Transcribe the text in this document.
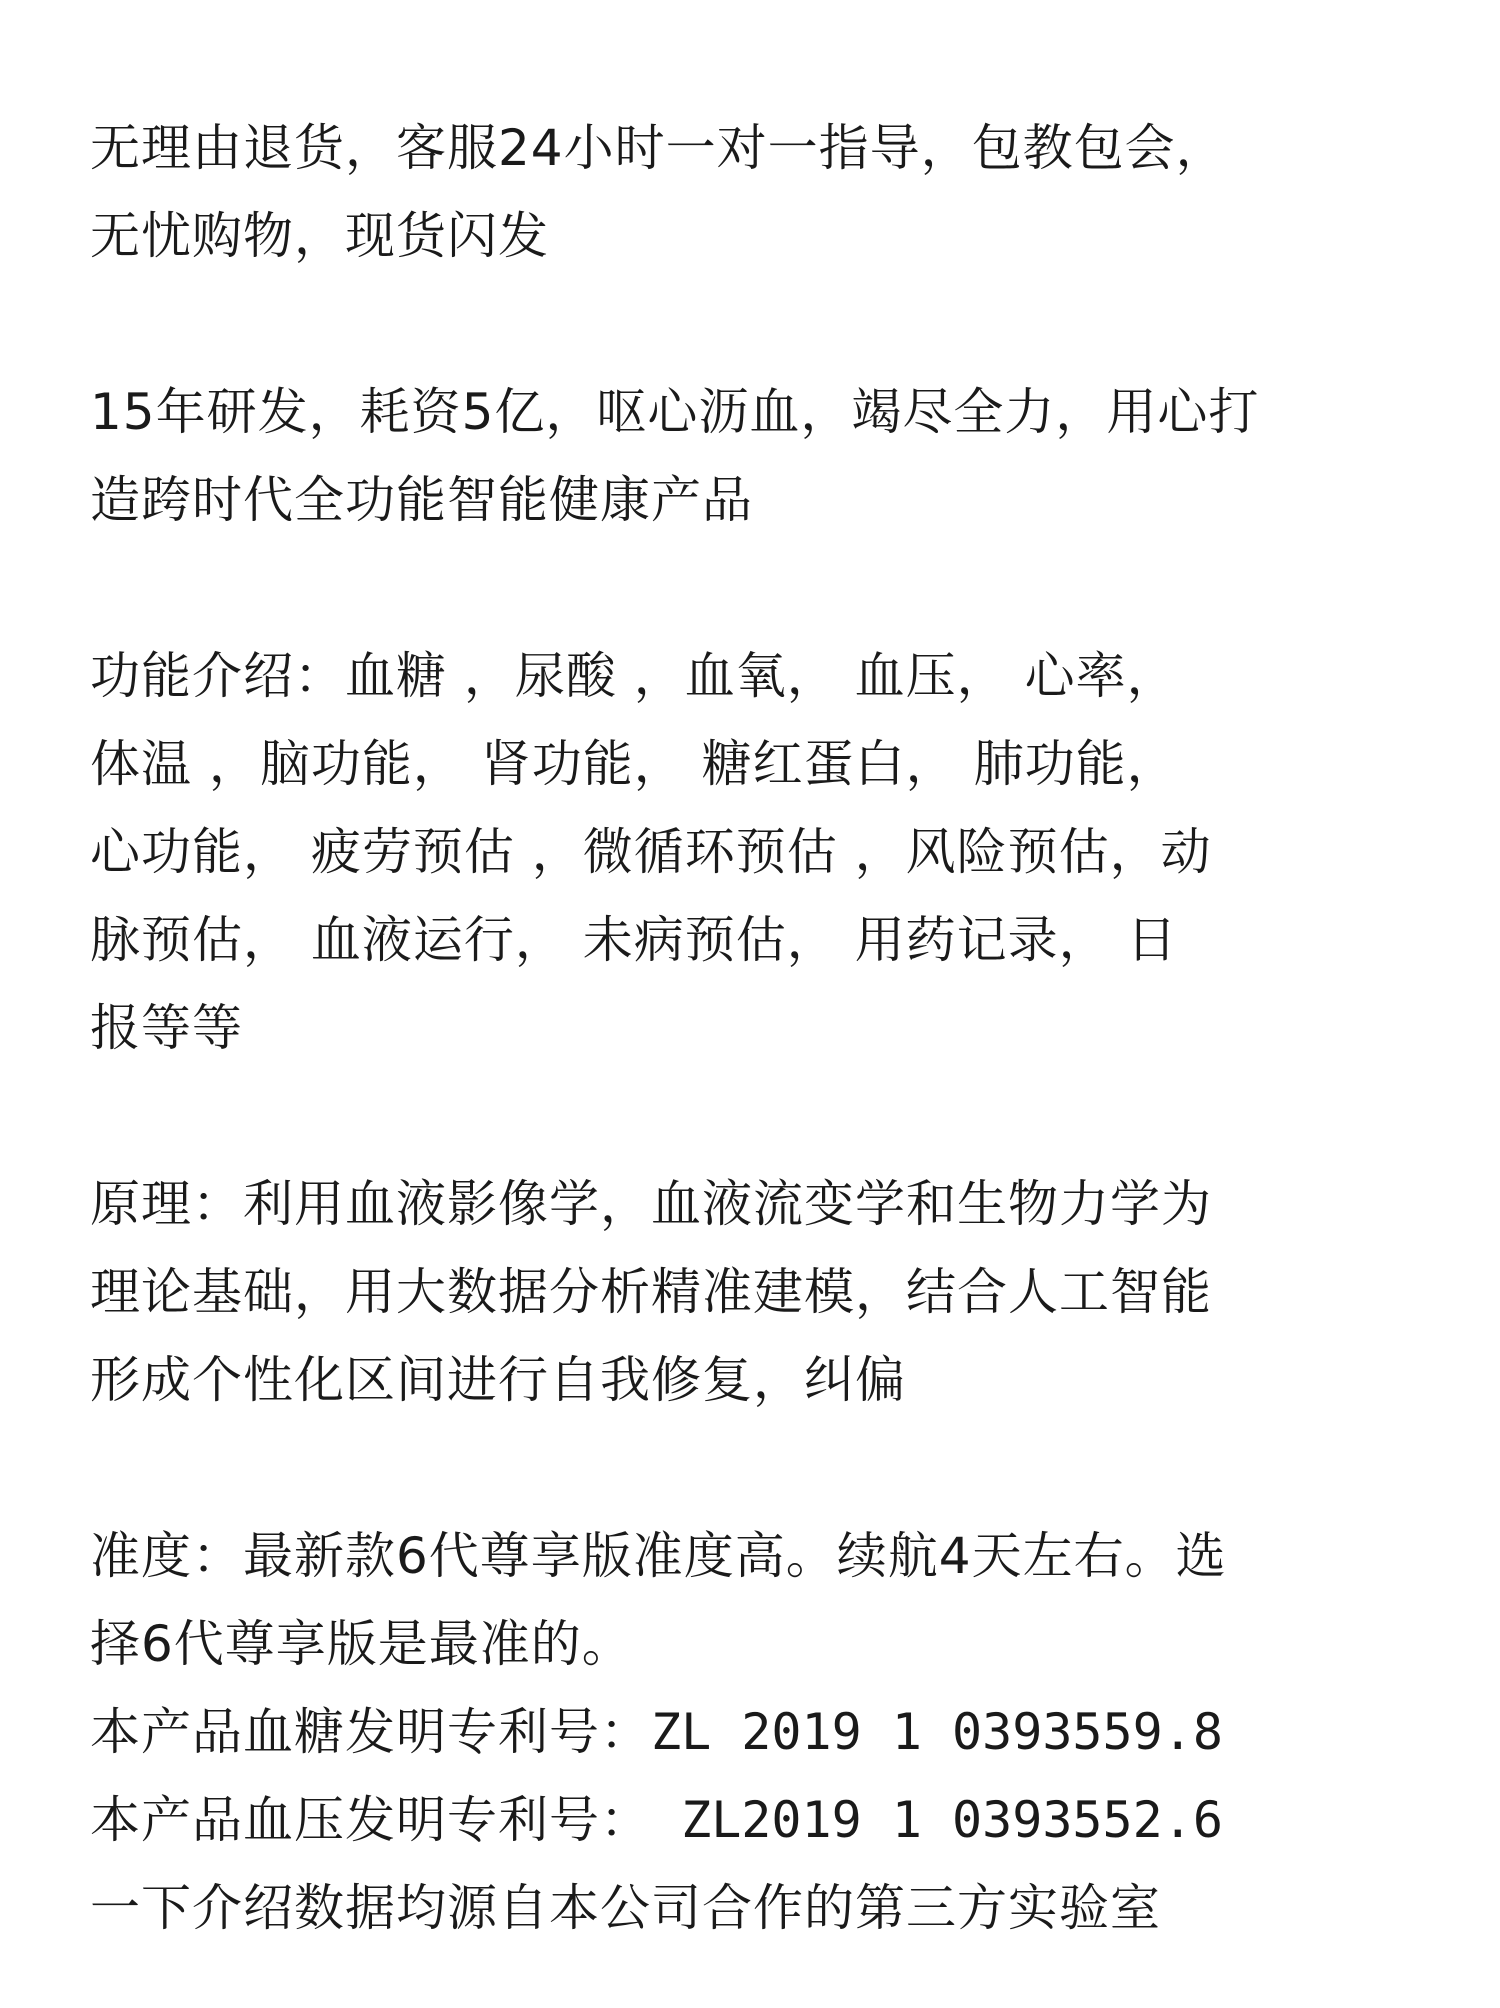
无理由退货，客服24小时一对一指导，包教包会，
无忧购物，现货闪发
15年研发，耗资5亿，呕心沥血，竭尽全力，用心打
造跨时代全功能智能健康产品
功能介绍：血糖 ，尿酸 ，血氧， 血压， 心率，
体温 ，脑功能， 肾功能， 糖红蛋白， 肺功能，
心功能， 疲劳预估 ，微循环预估 ，风险预估，动
脉预估， 血液运行， 未病预估， 用药记录， 日
报等等
原理：利用血液影像学，血液流变学和生物力学为
理论基础，用大数据分析精准建模，结合人工智能
形成个性化区间进行自我修复，纠偏
准度：最新款6代尊享版准度高。续航4天左右。选
择6代尊享版是最准的。
本产品血糖发明专利号：ZL 2019 1 0393559.8
本产品血压发明专利号： ZL2019 1 0393552.6
一下介绍数据均源自本公司合作的第三方实验室
